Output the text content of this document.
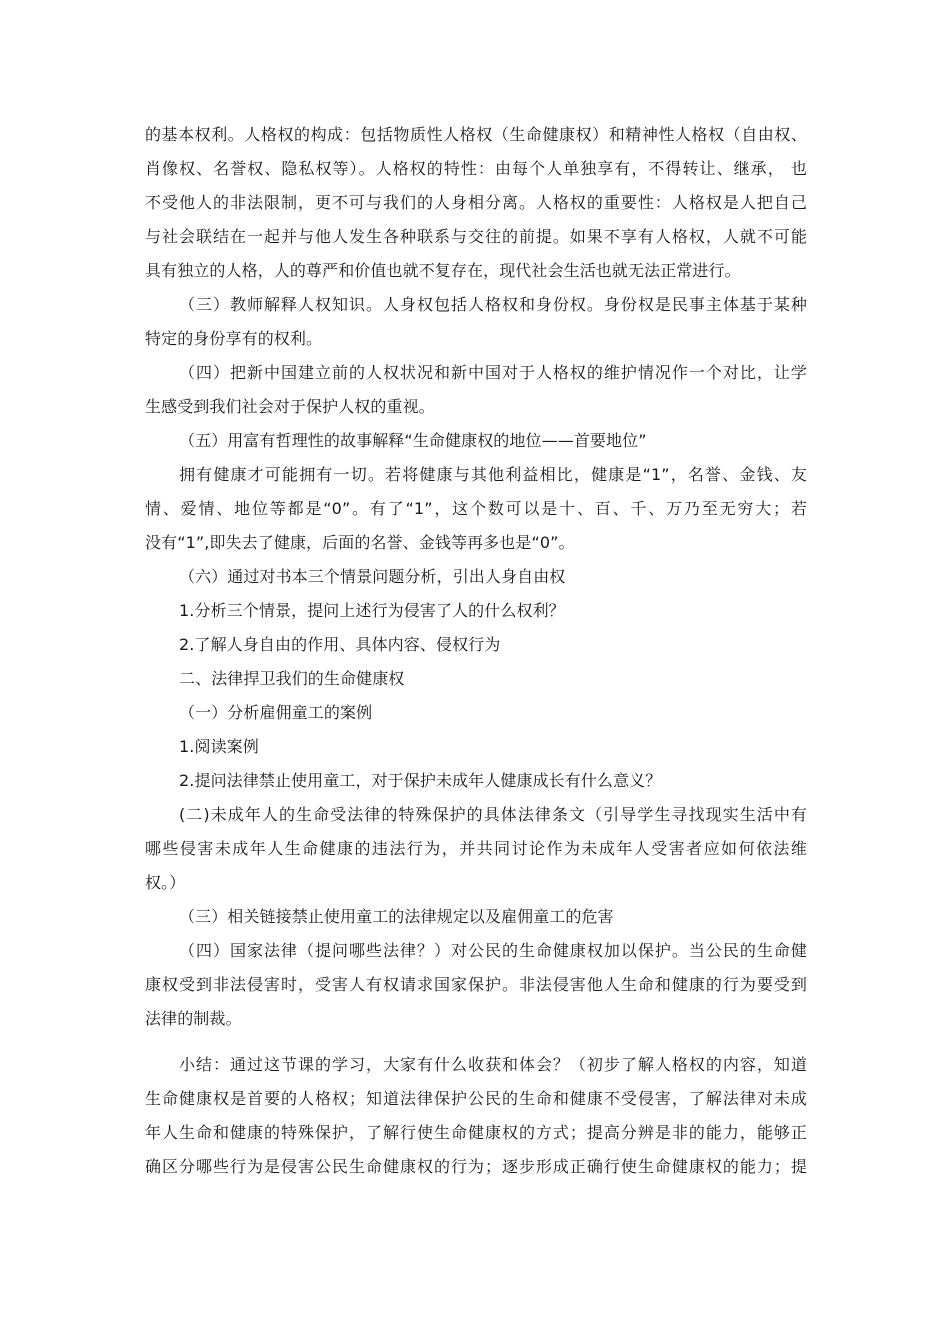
的基本权利。人格权的构成：包括物质性人格权（生命健康权）和精神性人格权（自由权、
肖像权、名誉权、隐私权等）。人格权的特性：由每个人单独享有，不得转让、继承， 也
不受他人的非法限制，更不可与我们的人身相分离。人格权的重要性：人格权是人把自己
与社会联结在一起并与他人发生各种联系与交往的前提。如果不享有人格权，人就不可能
具有独立的人格，人的尊严和价值也就不复存在，现代社会生活也就无法正常进行。
（三）教师解释人权知识。人身权包括人格权和身份权。身份权是民事主体基于某种
特定的身份享有的权利。
（四）把新中国建立前的人权状况和新中国对于人格权的维护情况作一个对比，让学
生感受到我们社会对于保护人权的重视。
（五）用富有哲理性的故事解释“生命健康权的地位——首要地位”
拥有健康才可能拥有一切。若将健康与其他利益相比，健康是“1”，名誉、金钱、友
情、爱情、地位等都是“0”。有了“1”，这个数可以是十、百、千、万乃至无穷大；若
没有“1”,即失去了健康，后面的名誉、金钱等再多也是“0”。
（六）通过对书本三个情景问题分析，引出人身自由权
1.分析三个情景，提问上述行为侵害了人的什么权利？
2.了解人身自由的作用、具体内容、侵权行为
二、法律捍卫我们的生命健康权
（一）分析雇佣童工的案例
1.阅读案例
2.提问法律禁止使用童工，对于保护未成年人健康成长有什么意义？
(二)未成年人的生命受法律的特殊保护的具体法律条文（引导学生寻找现实生活中有
哪些侵害未成年人生命健康的违法行为，并共同讨论作为未成年人受害者应如何依法维
权。）
（三）相关链接禁止使用童工的法律规定以及雇佣童工的危害
（四）国家法律（提问哪些法律？）对公民的生命健康权加以保护。当公民的生命健
康权受到非法侵害时，受害人有权请求国家保护。非法侵害他人生命和健康的行为要受到
法律的制裁。
小结：通过这节课的学习，大家有什么收获和体会？（初步了解人格权的内容，知道
生命健康权是首要的人格权；知道法律保护公民的生命和健康不受侵害，了解法律对未成
年人生命和健康的特殊保护，了解行使生命健康权的方式；提高分辨是非的能力，能够正
确区分哪些行为是侵害公民生命健康权的行为；逐步形成正确行使生命健康权的能力；提
